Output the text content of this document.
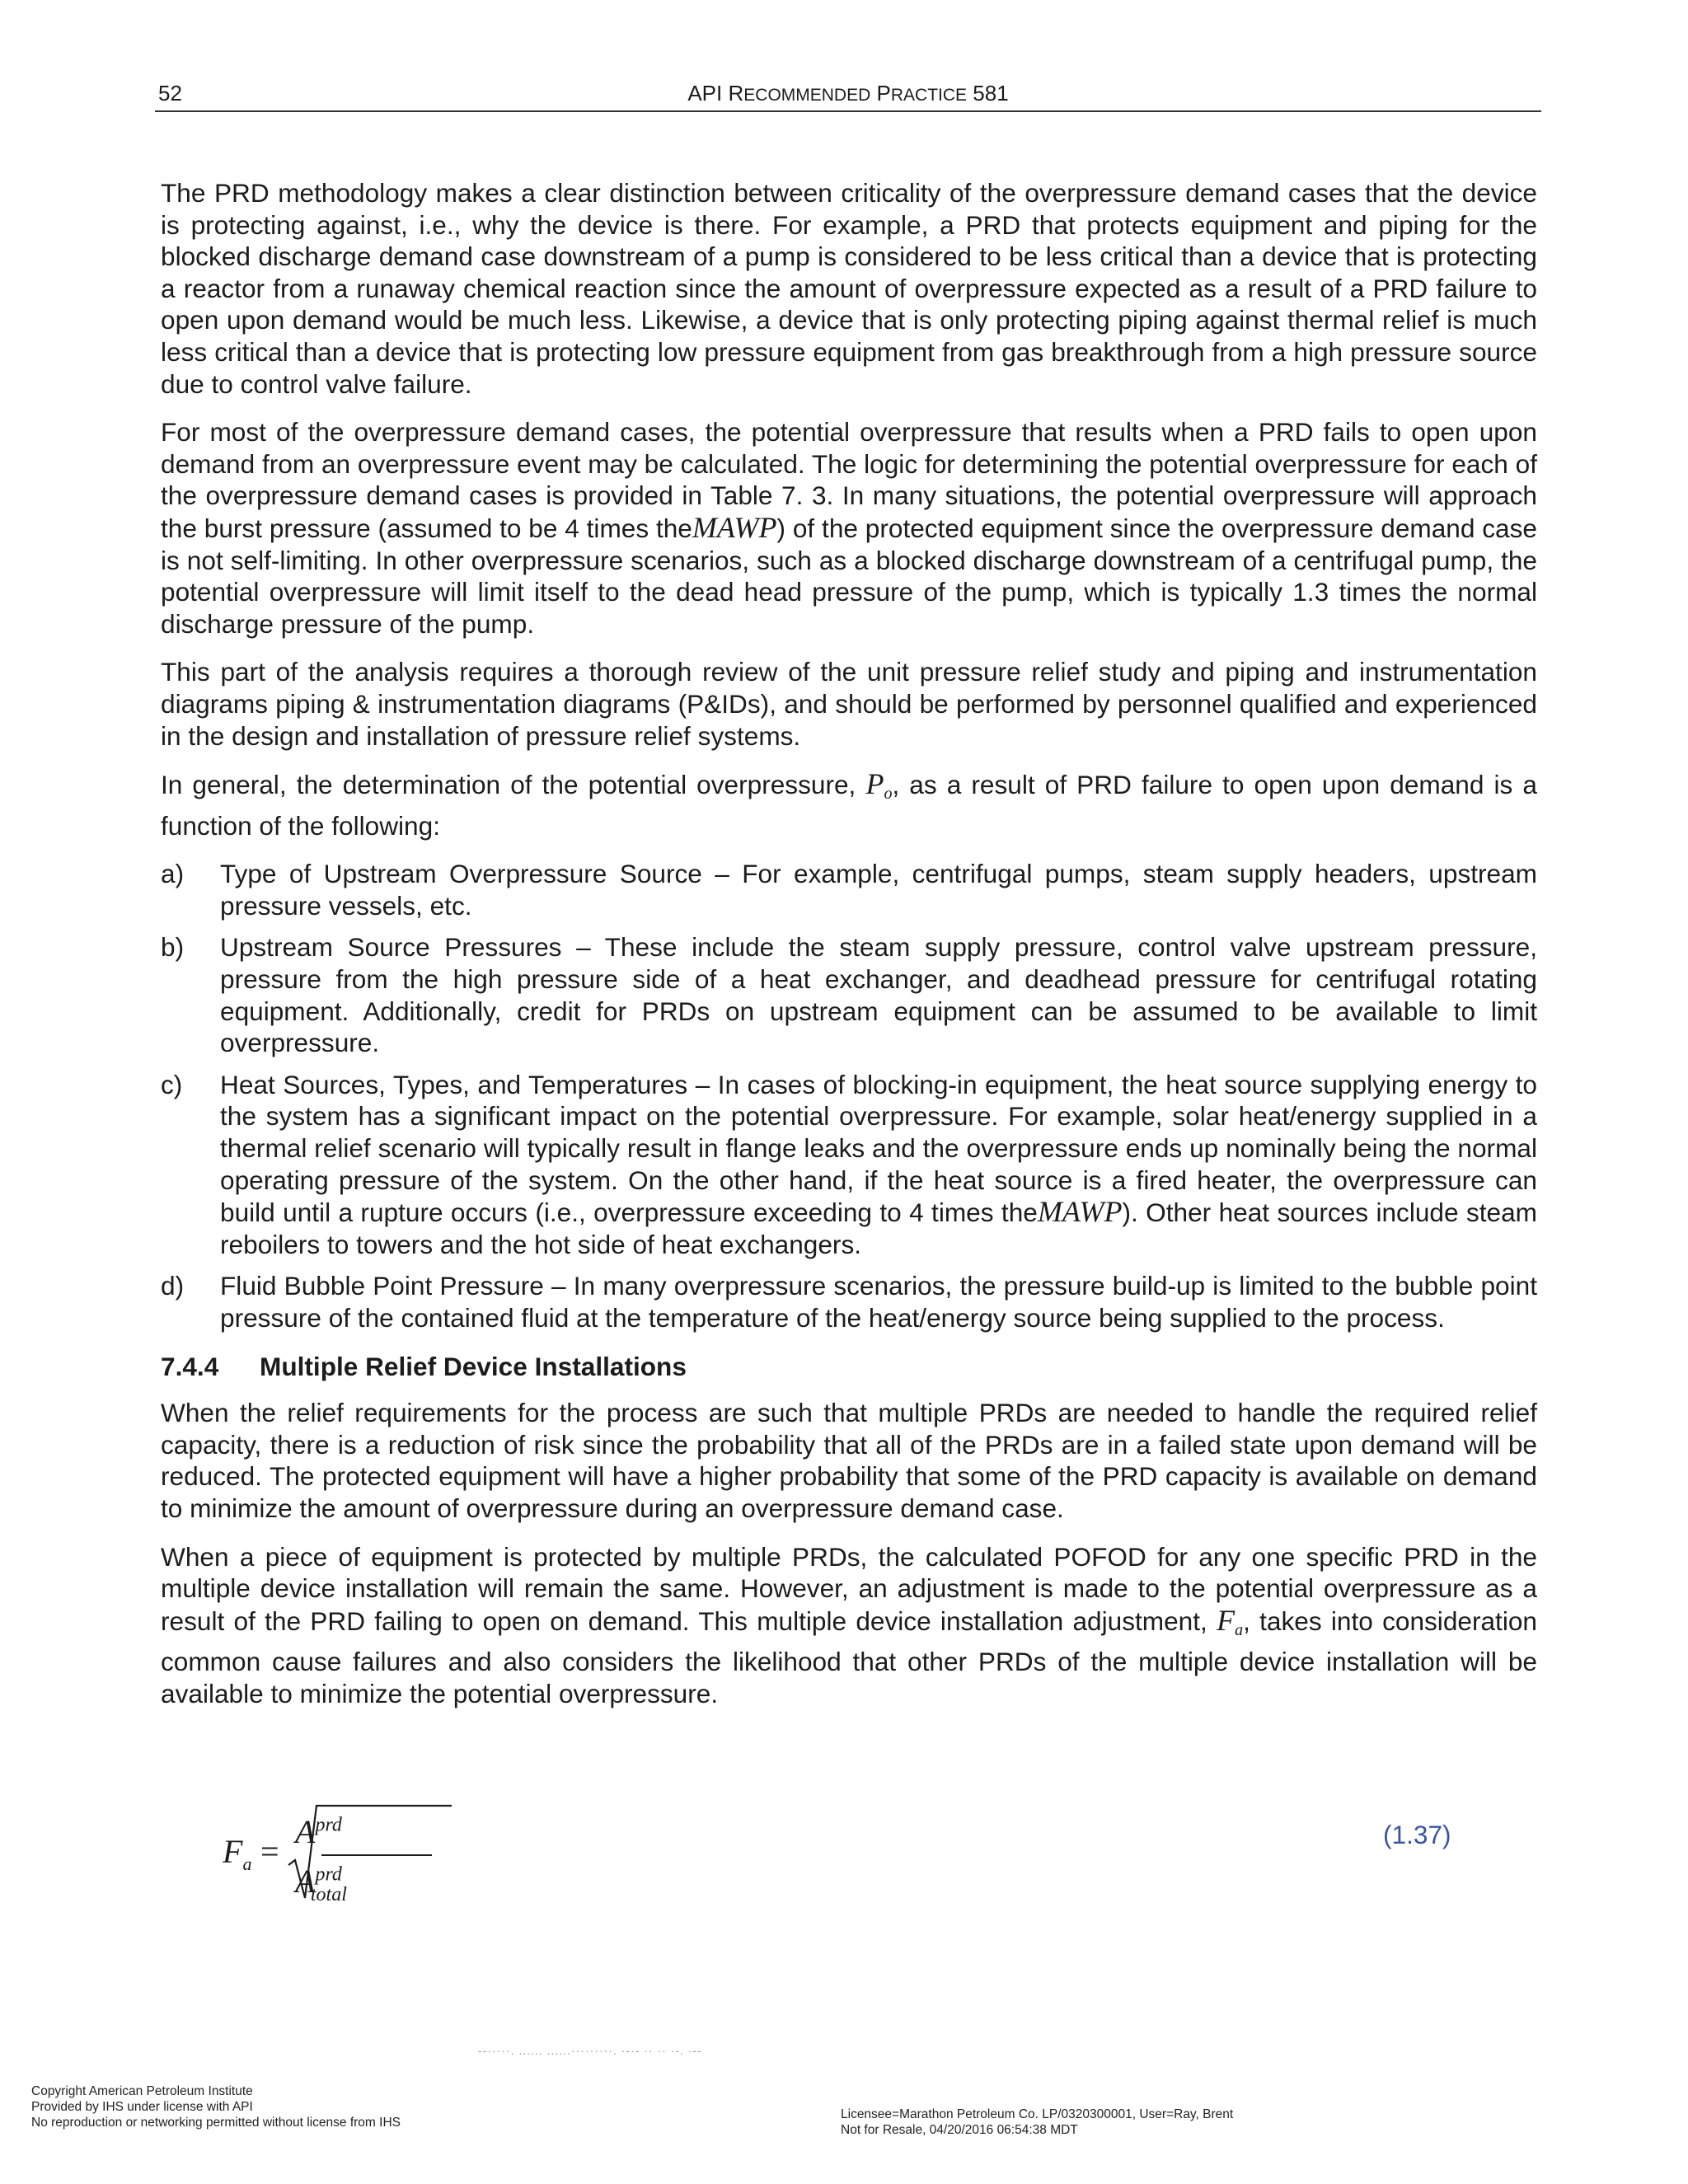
52	API RECOMMENDED PRACTICE 581

The PRD methodology makes a clear distinction between criticality of the overpressure demand cases that the device is protecting against, i.e., why the device is there. For example, a PRD that protects equipment and piping for the blocked discharge demand case downstream of a pump is considered to be less critical than a device that is protecting a reactor from a runaway chemical reaction since the amount of overpressure expected as a result of a PRD failure to open upon demand would be much less. Likewise, a device that is only protecting piping against thermal relief is much less critical than a device that is protecting low pressure equipment from gas breakthrough from a high pressure source due to control valve failure.

For most of the overpressure demand cases, the potential overpressure that results when a PRD fails to open upon demand from an overpressure event may be calculated. The logic for determining the potential overpressure for each of the overpressure demand cases is provided in Table 7. 3. In many situations, the potential overpressure will approach the burst pressure (assumed to be 4 times theMAWP) of the protected equipment since the overpressure demand case is not self-limiting. In other overpressure scenarios, such as a blocked discharge downstream of a centrifugal pump, the potential overpressure will limit itself to the dead head pressure of the pump, which is typically 1.3 times the normal discharge pressure of the pump.

This part of the analysis requires a thorough review of the unit pressure relief study and piping and instrumentation diagrams piping & instrumentation diagrams (P&IDs), and should be performed by personnel qualified and experienced in the design and installation of pressure relief systems.

In general, the determination of the potential overpressure, $P_o$, as a result of PRD failure to open upon demand is a function of the following:

a) Type of Upstream Overpressure Source – For example, centrifugal pumps, steam supply headers, upstream pressure vessels, etc.
b) Upstream Source Pressures – These include the steam supply pressure, control valve upstream pressure, pressure from the high pressure side of a heat exchanger, and deadhead pressure for centrifugal rotating equipment. Additionally, credit for PRDs on upstream equipment can be assumed to be available to limit overpressure.
c) Heat Sources, Types, and Temperatures – In cases of blocking-in equipment, the heat source supplying energy to the system has a significant impact on the potential overpressure. For example, solar heat/energy supplied in a thermal relief scenario will typically result in flange leaks and the overpressure ends up nominally being the normal operating pressure of the system. On the other hand, if the heat source is a fired heater, the overpressure can build until a rupture occurs (i.e., overpressure exceeding to 4 times theMAWP). Other heat sources include steam reboilers to towers and the hot side of heat exchangers.
d) Fluid Bubble Point Pressure – In many overpressure scenarios, the pressure build-up is limited to the bubble point pressure of the contained fluid at the temperature of the heat/energy source being supplied to the process.
7.4.4 Multiple Relief Device Installations

When the relief requirements for the process are such that multiple PRDs are needed to handle the required relief capacity, there is a reduction of risk since the probability that all of the PRDs are in a failed state upon demand will be reduced. The protected equipment will have a higher probability that some of the PRD capacity is available on demand to minimize the amount of overpressure during an overpressure demand case.

When a piece of equipment is protected by multiple PRDs, the calculated POFOD for any one specific PRD in the multiple device installation will remain the same. However, an adjustment is made to the potential overpressure as a result of the PRD failing to open on demand. This multiple device installation adjustment, $F_a$, takes into consideration common cause failures and also considers the likelihood that other PRDs of the multiple device installation will be available to minimize the potential overpressure.

$F_a$ =
$A^{prd}$
$A^{prd}_{total}$
(1.37)
--·····. ...... ......·········. ·-·- ·· ·· ·-. ·--
Copyright American Petroleum Institute
Provided by IHS under license with API
No reproduction or networking permitted without license from IHS
Licensee=Marathon Petroleum Co. LP/0320300001, User=Ray, Brent
Not for Resale, 04/20/2016 06:54:38 MDT
